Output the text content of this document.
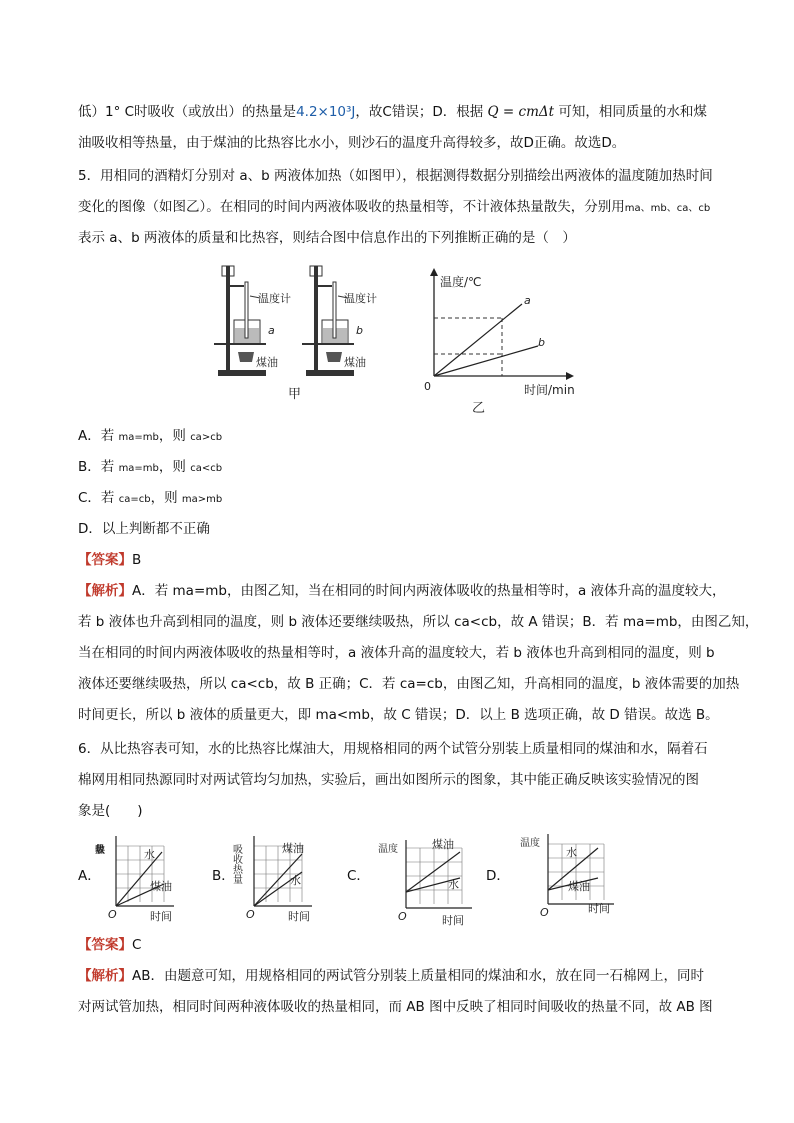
低）1° C时吸收（或放出）的热量是4.2×10³J，故C错误；D．根据 Q = cmΔt 可知，相同质量的水和煤
油吸收相等热量，由于煤油的比热容比水小，则沙石的温度升高得较多，故D正确。故选D。
5．用相同的酒精灯分别对 a、b 两液体加热（如图甲），根据测得数据分别描绘出两液体的温度随加热时间
变化的图像（如图乙）。在相同的时间内两液体吸收的热量相等，不计液体热量散失，分别用ma、mb、ca、cb
表示 a、b 两液体的质量和比热容，则结合图中信息作出的下列推断正确的是（　）
温度计
a
煤油
温度计
b
煤油
甲
温度/℃
时间/min
0
a
b
乙
A．若 ma=mb，则 ca>cb
B．若 ma=mb，则 ca<cb
C．若 ca=cb，则 ma>mb
D．以上判断都不正确
【答案】B
【解析】A．若 ma=mb，由图乙知，当在相同的时间内两液体吸收的热量相等时，a 液体升高的温度较大，
若 b 液体也升高到相同的温度，则 b 液体还要继续吸热，所以 ca<cb，故 A 错误；B．若 ma=mb，由图乙知，
当在相同的时间内两液体吸收的热量相等时，a 液体升高的温度较大，若 b 液体也升高到相同的温度，则 b
液体还要继续吸热，所以 ca<cb，故 B 正确；C．若 ca=cb，由图乙知，升高相同的温度，b 液体需要的加热
时间更长，所以 b 液体的质量更大，即 ma<mb，故 C 错误；D．以上 B 选项正确，故 D 错误。故选 B。
6．从比热容表可知，水的比热容比煤油大，用规格相同的两个试管分别装上质量相同的煤油和水，隔着石
棉网用相同热源同时对两试管均匀加热，实验后，画出如图所示的图象，其中能正确反映该实验情况的图
象是(　　)
A．
吸收热量	水
煤油
O	时间
B．
吸收热量	煤油
水
O	时间
C．
温度	煤油
水
O	时间
D．
温度
水
煤油
O	时间
【答案】C
【解析】AB．由题意可知，用规格相同的两试管分别装上质量相同的煤油和水，放在同一石棉网上，同时
对两试管加热，相同时间两种液体吸收的热量相同，而 AB 图中反映了相同时间吸收的热量不同，故 AB 图
